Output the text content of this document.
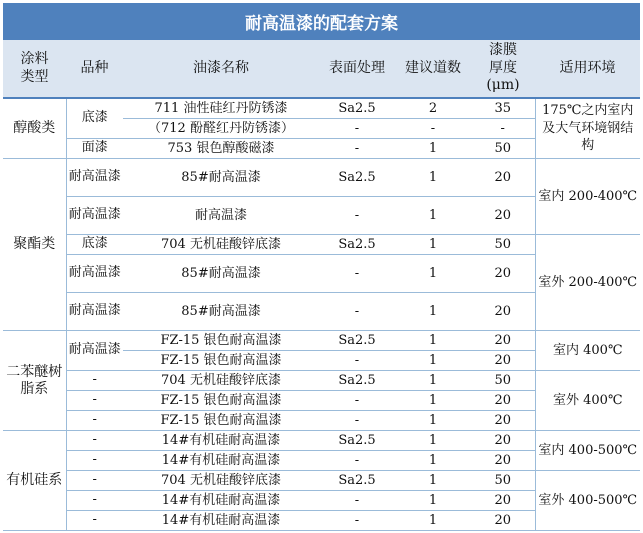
耐高温漆的配套方案
涂料
类型	品种	油漆名称	表面处理	建议道数	漆膜
厚度
(μm)	适用环境
醇酸类	底漆	711 油性硅红丹防锈漆	Sa2.5	2	35	175℃之内室内及大气环境钢结构
		（712 酚醛红丹防锈漆）	-	-	-	
	面漆	753 银色醇酸磁漆	-	1	50	
聚酯类	耐高温漆	85#耐高温漆	Sa2.5	1	20	室内 200-400℃
	耐高温漆	耐高温漆	-	1	20	
	底漆	704 无机硅酸锌底漆	Sa2.5	1	50	室外 200-400℃
	耐高温漆	85#耐高温漆	-	1	20	
	耐高温漆	85#耐高温漆	-	1	20	
二苯醚树脂系	耐高温漆	FZ-15 银色耐高温漆	Sa2.5	1	20	室内 400℃
		FZ-15 银色耐高温漆	-	1	20	
	-	704 无机硅酸锌底漆	Sa2.5	1	50	室外 400℃
	-	FZ-15 银色耐高温漆	-	1	20	
	-	FZ-15 银色耐高温漆	-	1	20	
有机硅系	-	14#有机硅耐高温漆	Sa2.5	1	20	室内 400-500℃
	-	14#有机硅耐高温漆	-	1	20	
	-	704 无机硅酸锌底漆	Sa2.5	1	50	室外 400-500℃
	-	14#有机硅耐高温漆	-	1	20	
	-	14#有机硅耐高温漆	-	1	20	
